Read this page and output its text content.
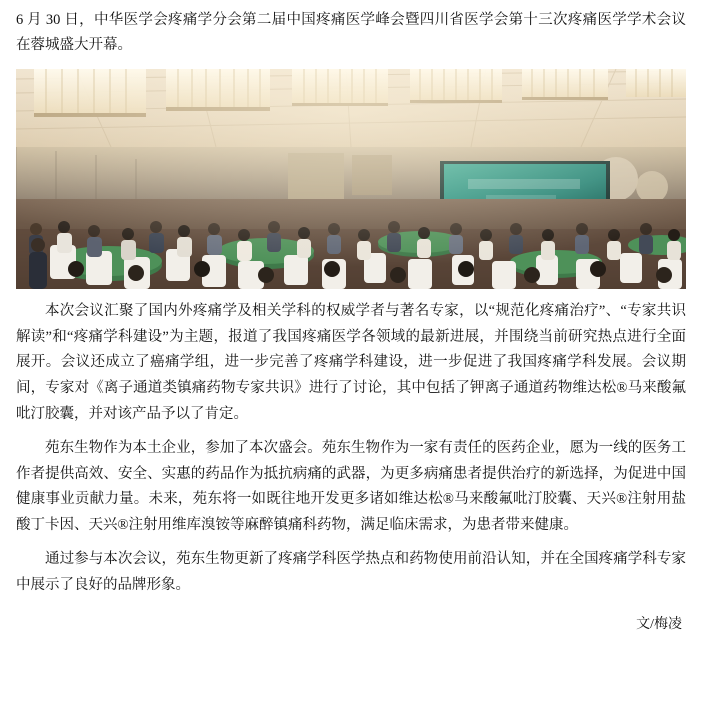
6 月 30 日，中华医学会疼痛学分会第二届中国疼痛医学峰会暨四川省医学会第十三次疼痛医学学术会议在蓉城盛大开幕。

本次会议汇聚了国内外疼痛学及相关学科的权威学者与著名专家，以“规范化疼痛治疗”、“专家共识解读”和“疼痛学科建设”为主题，报道了我国疼痛医学各领域的最新进展，并围绕当前研究热点进行全面展开。会议还成立了癌痛学组，进一步完善了疼痛学科建设，进一步促进了我国疼痛学科发展。会议期间，专家对《离子通道类镇痛药物专家共识》进行了讨论，其中包括了钾离子通道药物维达松®马来酸氟吡汀胶囊，并对该产品予以了肯定。

苑东生物作为本土企业，参加了本次盛会。苑东生物作为一家有责任的医药企业，愿为一线的医务工作者提供高效、安全、实惠的药品作为抵抗病痛的武器，为更多病痛患者提供治疗的新选择，为促进中国健康事业贡献力量。未来，苑东将一如既往地开发更多诸如维达松®马来酸氟吡汀胶囊、天兴®注射用盐酸丁卡因、天兴®注射用维库溴铵等麻醉镇痛科药物，满足临床需求，为患者带来健康。

通过参与本次会议，苑东生物更新了疼痛学科医学热点和药物使用前沿认知，并在全国疼痛学科专家中展示了良好的品牌形象。

文/梅凌
